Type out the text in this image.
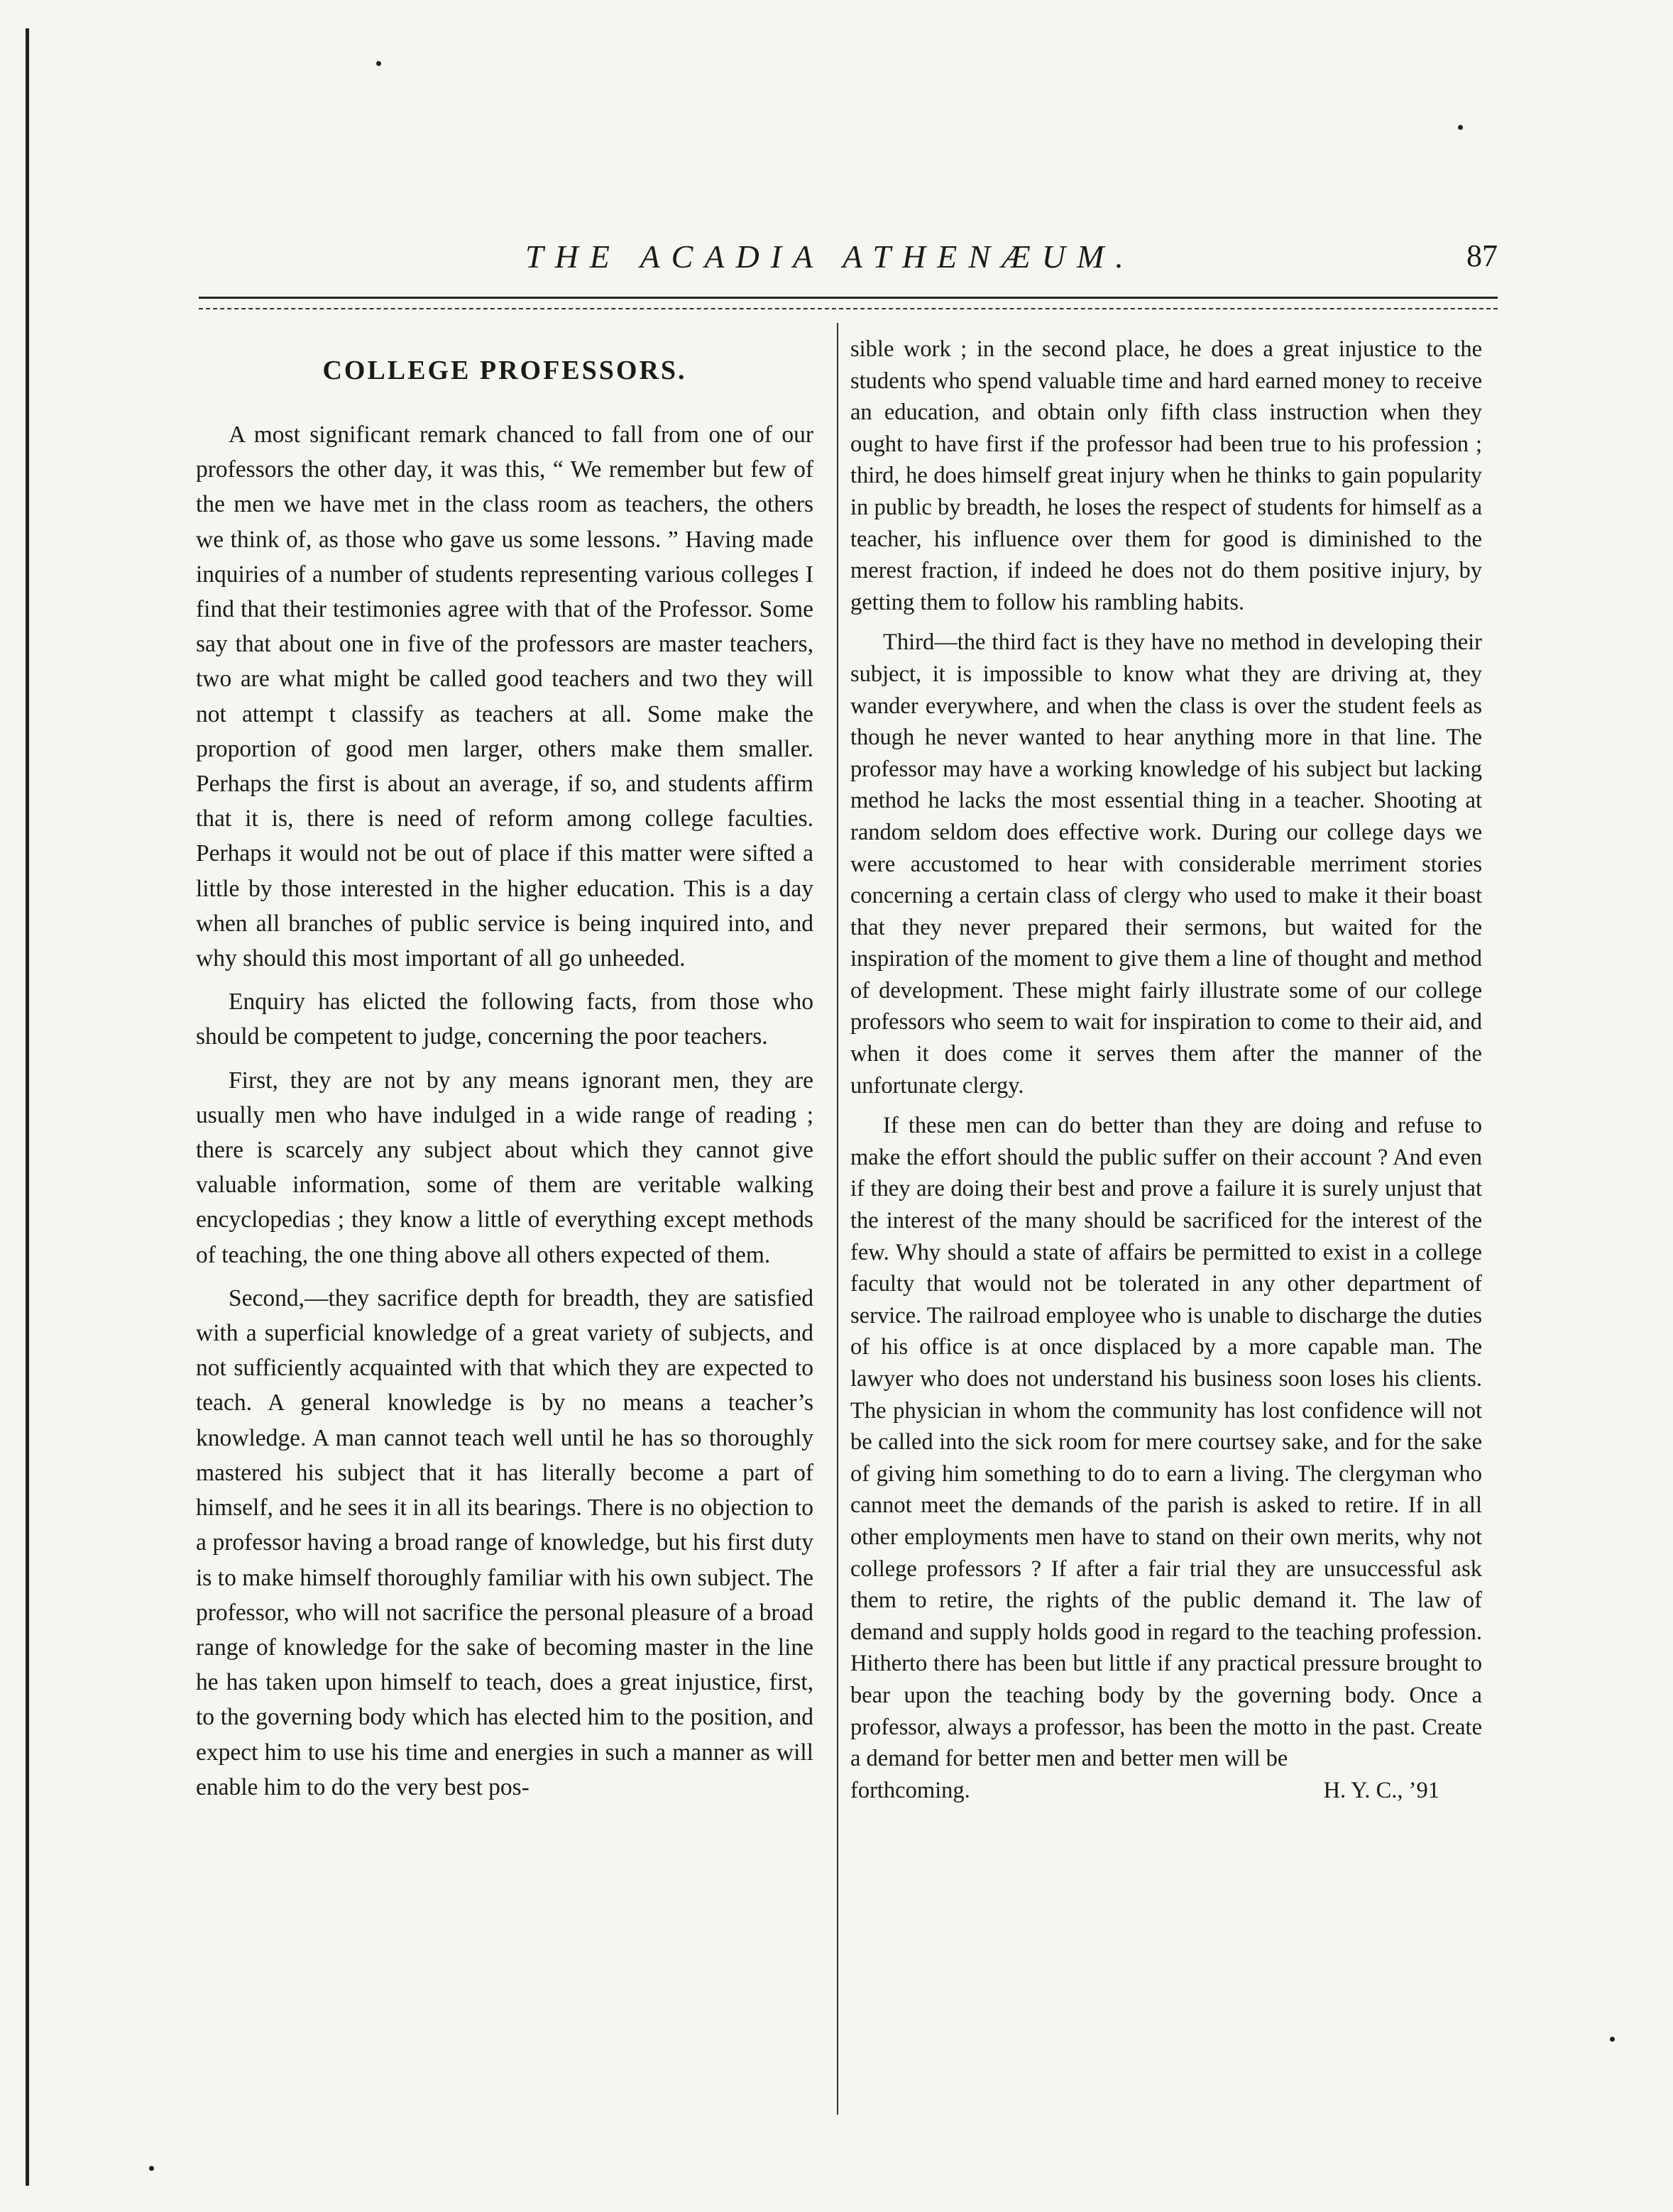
THE ACADIA ATHENÆUM.	87
COLLEGE PROFESSORS.

A most significant remark chanced to fall from one of our professors the other day, it was this, “ We remember but few of the men we have met in the class room as teachers, the others we think of, as those who gave us some lessons. ” Having made inquiries of a number of students representing various colleges I find that their testimonies agree with that of the Professor. Some say that about one in five of the professors are master teachers, two are what might be called good teachers and two they will not attempt t classify as teachers at all. Some make the proportion of good men larger, others make them smaller. Perhaps the first is about an average, if so, and students affirm that it is, there is need of reform among college faculties. Perhaps it would not be out of place if this matter were sifted a little by those interested in the higher education. This is a day when all branches of public service is being inquired into, and why should this most important of all go unheeded.

Enquiry has elicted the following facts, from those who should be competent to judge, concerning the poor teachers.

First, they are not by any means ignorant men, they are usually men who have indulged in a wide range of reading ; there is scarcely any subject about which they cannot give valuable information, some of them are veritable walking encyclopedias ; they know a little of everything except methods of teaching, the one thing above all others expected of them.

Second,—they sacrifice depth for breadth, they are satisfied with a superficial knowledge of a great variety of subjects, and not sufficiently acquainted with that which they are expected to teach. A general knowledge is by no means a teacher’s knowledge. A man cannot teach well until he has so thoroughly mastered his subject that it has literally become a part of himself, and he sees it in all its bearings. There is no objection to a professor having a broad range of knowledge, but his first duty is to make himself thoroughly familiar with his own subject. The professor, who will not sacrifice the personal pleasure of a broad range of knowledge for the sake of becoming master in the line he has taken upon himself to teach, does a great injustice, first, to the governing body which has elected him to the position, and expect him to use his time and energies in such a manner as will enable him to do the very best pos-

sible work ; in the second place, he does a great injustice to the students who spend valuable time and hard earned money to receive an education, and obtain only fifth class instruction when they ought to have first if the professor had been true to his profession ; third, he does himself great injury when he thinks to gain popularity in public by breadth, he loses the respect of students for himself as a teacher, his influence over them for good is diminished to the merest fraction, if indeed he does not do them positive injury, by getting them to follow his rambling habits.

Third—the third fact is they have no method in developing their subject, it is impossible to know what they are driving at, they wander everywhere, and when the class is over the student feels as though he never wanted to hear anything more in that line. The professor may have a working knowledge of his subject but lacking method he lacks the most essential thing in a teacher. Shooting at random seldom does effective work. During our college days we were accustomed to hear with considerable merriment stories concerning a certain class of clergy who used to make it their boast that they never prepared their sermons, but waited for the inspiration of the moment to give them a line of thought and method of development. These might fairly illustrate some of our college professors who seem to wait for inspiration to come to their aid, and when it does come it serves them after the manner of the unfortunate clergy.

If these men can do better than they are doing and refuse to make the effort should the public suffer on their account ? And even if they are doing their best and prove a failure it is surely unjust that the interest of the many should be sacrificed for the interest of the few. Why should a state of affairs be permitted to exist in a college faculty that would not be tolerated in any other department of service. The railroad employee who is unable to discharge the duties of his office is at once displaced by a more capable man. The lawyer who does not understand his business soon loses his clients. The physician in whom the community has lost confidence will not be called into the sick room for mere courtsey sake, and for the sake of giving him something to do to earn a living. The clergyman who cannot meet the demands of the parish is asked to retire. If in all other employments men have to stand on their own merits, why not college professors ? If after a fair trial they are unsuccessful ask them to retire, the rights of the public demand it. The law of demand and supply holds good in regard to the teaching profession. Hitherto there has been but little if any practical pressure brought to bear upon the teaching body by the governing body. Once a professor, always a professor, has been the motto in the past. Create a demand for better men and better men will be

forthcoming.	H. Y. C., ’91
